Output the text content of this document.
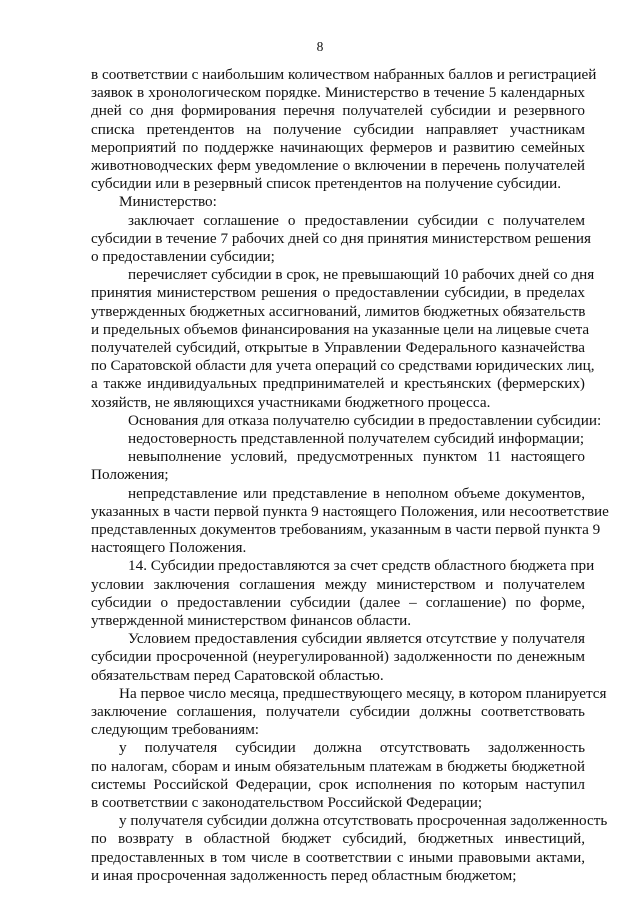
8
в соответствии с наибольшим количеством набранных баллов и регистрацией
заявок в хронологическом порядке. Министерство в течение 5 календарных
дней со дня формирования перечня получателей субсидии и резервного
списка претендентов на получение субсидии направляет участникам
мероприятий по поддержке начинающих фермеров и развитию семейных
животноводческих ферм уведомление о включении в перечень получателей
субсидии или в резервный список претендентов на получение субсидии.
Министерство:
заключает соглашение о предоставлении субсидии с получателем
субсидии в течение 7 рабочих дней со дня принятия министерством решения
о предоставлении субсидии;
перечисляет субсидии в срок, не превышающий 10 рабочих дней со дня
принятия министерством решения о предоставлении субсидии, в пределах
утвержденных бюджетных ассигнований, лимитов бюджетных обязательств
и предельных объемов финансирования на указанные цели на лицевые счета
получателей субсидий, открытые в Управлении Федерального казначейства
по Саратовской области для учета операций со средствами юридических лиц,
а также индивидуальных предпринимателей и крестьянских (фермерских)
хозяйств, не являющихся участниками бюджетного процесса.
Основания для отказа получателю субсидии в предоставлении субсидии:
недостоверность представленной получателем субсидий информации;
невыполнение условий, предусмотренных пунктом 11 настоящего
Положения;
непредставление или представление в неполном объеме документов,
указанных в части первой пункта 9 настоящего Положения, или несоответствие
представленных документов требованиям, указанным в части первой пункта 9
настоящего Положения.
14. Субсидии предоставляются за счет средств областного бюджета при
условии заключения соглашения между министерством и получателем
субсидии о предоставлении субсидии (далее – соглашение) по форме,
утвержденной министерством финансов области.
Условием предоставления субсидии является отсутствие у получателя
субсидии просроченной (неурегулированной) задолженности по денежным
обязательствам перед Саратовской областью.
На первое число месяца, предшествующего месяцу, в котором планируется
заключение соглашения, получатели субсидии должны соответствовать
следующим требованиям:
у получателя субсидии должна отсутствовать задолженность
по налогам, сборам и иным обязательным платежам в бюджеты бюджетной
системы Российской Федерации, срок исполнения по которым наступил
в соответствии с законодательством Российской Федерации;
у получателя субсидии должна отсутствовать просроченная задолженность
по возврату в областной бюджет субсидий, бюджетных инвестиций,
предоставленных в том числе в соответствии с иными правовыми актами,
и иная просроченная задолженность перед областным бюджетом;
